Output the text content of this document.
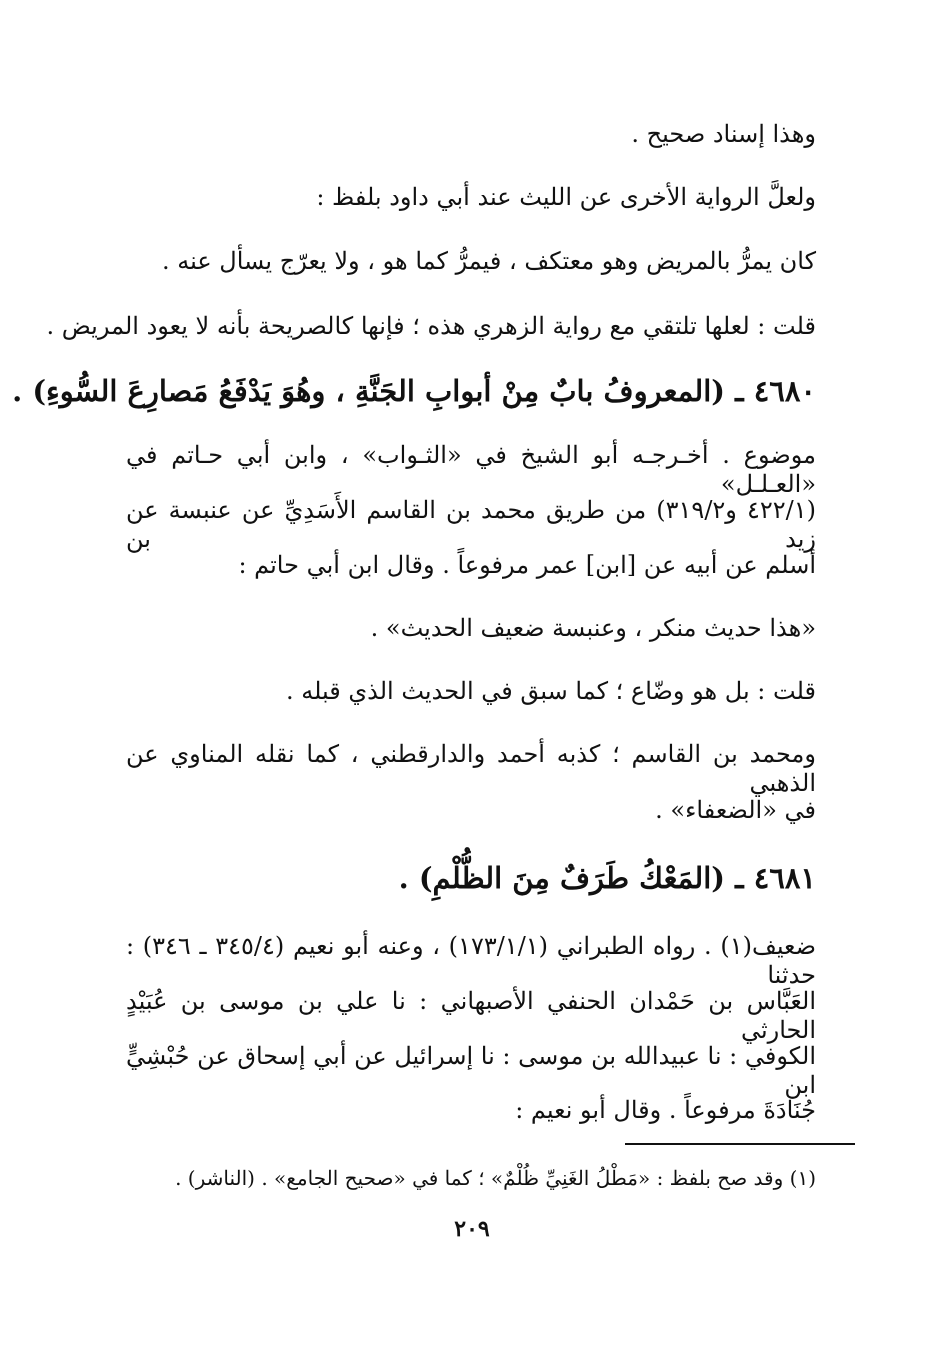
وهذا إسناد صحيح .
ولعلَّ الرواية الأخرى عن الليث عند أبي داود بلفظ :
كان يمرُّ بالمريض وهو معتكف ، فيمرُّ كما هو ، ولا يعرّج يسأل عنه .
قلت : لعلها تلتقي مع رواية الزهري هذه ؛ فإنها كالصريحة بأنه لا يعود المريض .
٤٦٨٠ ـ (المعروفُ بابٌ مِنْ أبوابِ الجَنَّةِ ، وهُوَ يَدْفَعُ مَصارِعَ السُّوءِ) .
موضوع . أخـرجـه أبو الشيخ في «الثـواب» ، وابن أبي حـاتم في «العـلـل»
(٤٢٢/١ و٣١٩/٢) من طريق محمد بن القاسم الأَسَدِيِّ عن عنبسة عن زيد بن
أسلم عن أبيه عن [ابن] عمر مرفوعاً . وقال ابن أبي حاتم :
«هذا حديث منكر ، وعنبسة ضعيف الحديث» .
قلت : بل هو وضّاع ؛ كما سبق في الحديث الذي قبله .
ومحمد بن القاسم ؛ كذبه أحمد والدارقطني ، كما نقله المناوي عن الذهبي
في «الضعفاء» .
٤٦٨١ ـ (المَعْكُ طَرَفٌ مِنَ الظُّلْمِ) .
ضعيف(١) . رواه الطبراني (١٧٣/١/١) ، وعنه أبو نعيم (٣٤٥/٤ ـ ٣٤٦) : حدثنا
العَبَّاس بن حَمْدان الحنفي الأصبهاني : نا علي بن موسى بن عُبَيْدٍ الحارثي
الكوفي : نا عبيدالله بن موسى : نا إسرائيل عن أبي إسحاق عن حُبْشِيٍّ ابن
جُنَادَةَ مرفوعاً . وقال أبو نعيم :
(١) وقد صح بلفظ : «مَطْلُ الغَنِيِّ ظُلْمٌ» ؛ كما في «صحيح الجامع» . (الناشر) .
٢٠٩
